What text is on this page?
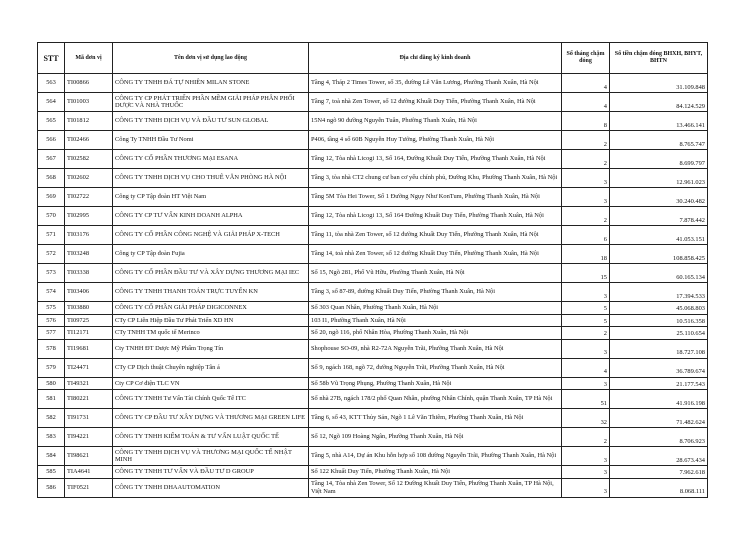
STT	Mã đơn vị	Tên đơn vị sử dụng lao động	Địa chỉ đăng ký kinh doanh	Số tháng chậm đóng	Số tiền chậm đóng BHXH, BHYT, BHTN
563	TI00866	CÔNG TY TNHH ĐÁ TỰ NHIÊN MILAN STONE	Tầng 4, Tháp 2 Times Tower, số 35, đường Lê Văn Lương, Phường Thanh Xuân, Hà Nội	4	31.109.848
564	TI01003	CÔNG TY CP PHÁT TRIỂN PHẦN MỀM GIẢI PHÁP PHÂN PHỐI DƯỢC VÀ NHÀ THUỐC	Tầng 7, toà nhà Zen Tower, số 12 đường Khuất Duy Tiến, Phường Thanh Xuân, Hà Nội	4	84.124.529
565	TI01812	CÔNG TY TNHH DỊCH VỤ VÀ ĐẦU TƯ SUN GLOBAL	15N4 ngõ 90 đường Nguyễn Tuân, Phường Thanh Xuân, Hà Nội	8	13.466.141
566	TI02466	Công Ty TNHH Đầu Tư Nomi	P406, tầng 4 số 60B Nguyễn Huy Tưởng, Phường Thanh Xuân, Hà Nội	2	8.765.747
567	TI02582	CÔNG TY CỔ PHẦN THƯƠNG MẠI ESANA	Tầng 12, Tòa nhà Licogi 13, Số 164, Đường Khuất Duy Tiến, Phường Thanh Xuân, Hà Nội	2	8.699.797
568	TI02602	CÔNG TY TNHH DỊCH VỤ CHO THUÊ VĂN PHÒNG HÀ NỘI	Tầng 3, tòa nhà CT2 chung cư ban cơ yếu chính phủ, Đường Khu, Phường Thanh Xuân, Hà Nội	3	12.961.023
569	TI02722	Công ty CP Tập đoàn HT Việt Nam	Tầng 5M Tòa Hei Tower, Số 1 Đường Ngụy Như KonTum, Phường Thanh Xuân, Hà Nội	3	30.240.482
570	TI02995	CÔNG TY CP TƯ VẤN KINH DOANH ALPHA	Tầng 12, Tòa nhà Licogi 13, Số 164 Đường Khuất Duy Tiến, Phường Thanh Xuân, Hà Nội	2	7.878.442
571	TI03176	CÔNG TY CỔ PHẦN CÔNG NGHỆ VÀ GIẢI PHÁP X-TECH	Tầng 11, tòa nhà Zen Tower, số 12 đường Khuất Duy Tiến, Phường Thanh Xuân, Hà Nội	6	41.053.151
572	TI03248	Công ty CP Tập đoàn Fujia	Tầng 14, toà nhà Zen Tower, số 12 đường Khuất Duy Tiến, Phường Thanh Xuân, Hà Nội	18	108.858.425
573	TI03338	CÔNG TY CỔ PHẦN ĐẦU TƯ VÀ XÂY DỰNG THƯƠNG MẠI IEC	Số 15, Ngõ 281, Phố Vũ Hữu, Phường Thanh Xuân, Hà Nội	15	60.165.134
574	TI03406	CÔNG TY TNHH THANH TOÁN TRỰC TUYẾN KN	Tầng 3, số 87-89, đường Khuất Duy Tiến, Phường Thanh Xuân, Hà Nội	3	17.394.533
575	TI03880	CÔNG TY CỔ PHẦN GIẢI PHÁP DIGICONNEX	Số 303 Quan Nhân, Phường Thanh Xuân, Hà Nội	5	45.068.803
576	TI09725	CTy CP Liên Hiệp Đầu Tư Phát Triển XD HN	103 I1, Phường Thanh Xuân, Hà Nội	5	10.516.358
577	TI12171	CTy TNHH TM quốc tế Merinco	Số 20, ngõ 116, phố Nhân Hòa, Phường Thanh Xuân, Hà Nội	2	25.110.654
578	TI19681	Cty TNHH ĐT Dược Mỹ Phẩm Trọng Tín	Shophouse SO-09, nhà R2-72A Nguyễn Trãi, Phường Thanh Xuân, Hà Nội	3	18.727.108
579	TI24471	CTy CP Dịch thuật Chuyên nghiệp Tân á	Số 9, ngách 168, ngõ 72, đường Nguyễn Trãi, Phường Thanh Xuân, Hà Nội	4	36.789.674
580	TI49321	Cty CP Cơ điện TLC VN	Số 58b Vũ Trọng Phụng, Phường Thanh Xuân, Hà Nội	3	21.177.543
581	TI80221	CÔNG TY TNHH Tư Vấn Tài Chính Quốc Tế ITC	Số nhà 27B, ngách 178/2 phố Quan Nhân, phường Nhân Chính, quận Thanh Xuân, TP Hà Nội	51	41.916.198
582	TI91731	CÔNG TY CP ĐẦU TƯ XÂY DỰNG VÀ THƯƠNG MẠI GREEN LIFE	Tầng 6, số 43, KTT Thủy Sản, Ngõ 1 Lê Văn Thiêm, Phường Thanh Xuân, Hà Nội	32	71.482.624
583	TI94221	CÔNG TY TNHH KIỂM TOÁN & TƯ VẤN LUẬT QUỐC TẾ	Số 12, Ngõ 109 Hoàng Ngân, Phường Thanh Xuân, Hà Nội	2	8.706.923
584	TI98621	CÔNG TY TNHH DỊCH VỤ VÀ THƯƠNG MẠI QUỐC TẾ NHẬT MINH	Tầng 5, nhà A14, Dự án Khu hỗn hợp số 108 đường Nguyễn Trãi, Phường Thanh Xuân, Hà Nội	3	28.673.434
585	TIA4641	CÔNG TY TNHH TƯ VẤN VÀ ĐẦU TƯ D GROUP	Số 122 Khuất Duy Tiến, Phường Thanh Xuân, Hà Nội	3	7.962.618
586	TIF0521	CÔNG TY TNHH DHAAUTOMATION	Tầng 14, Tòa nhà Zen Tower, Số 12 Đường Khuất Duy Tiến, Phường Thanh Xuân, TP Hà Nội, Việt Nam	3	8.068.111
